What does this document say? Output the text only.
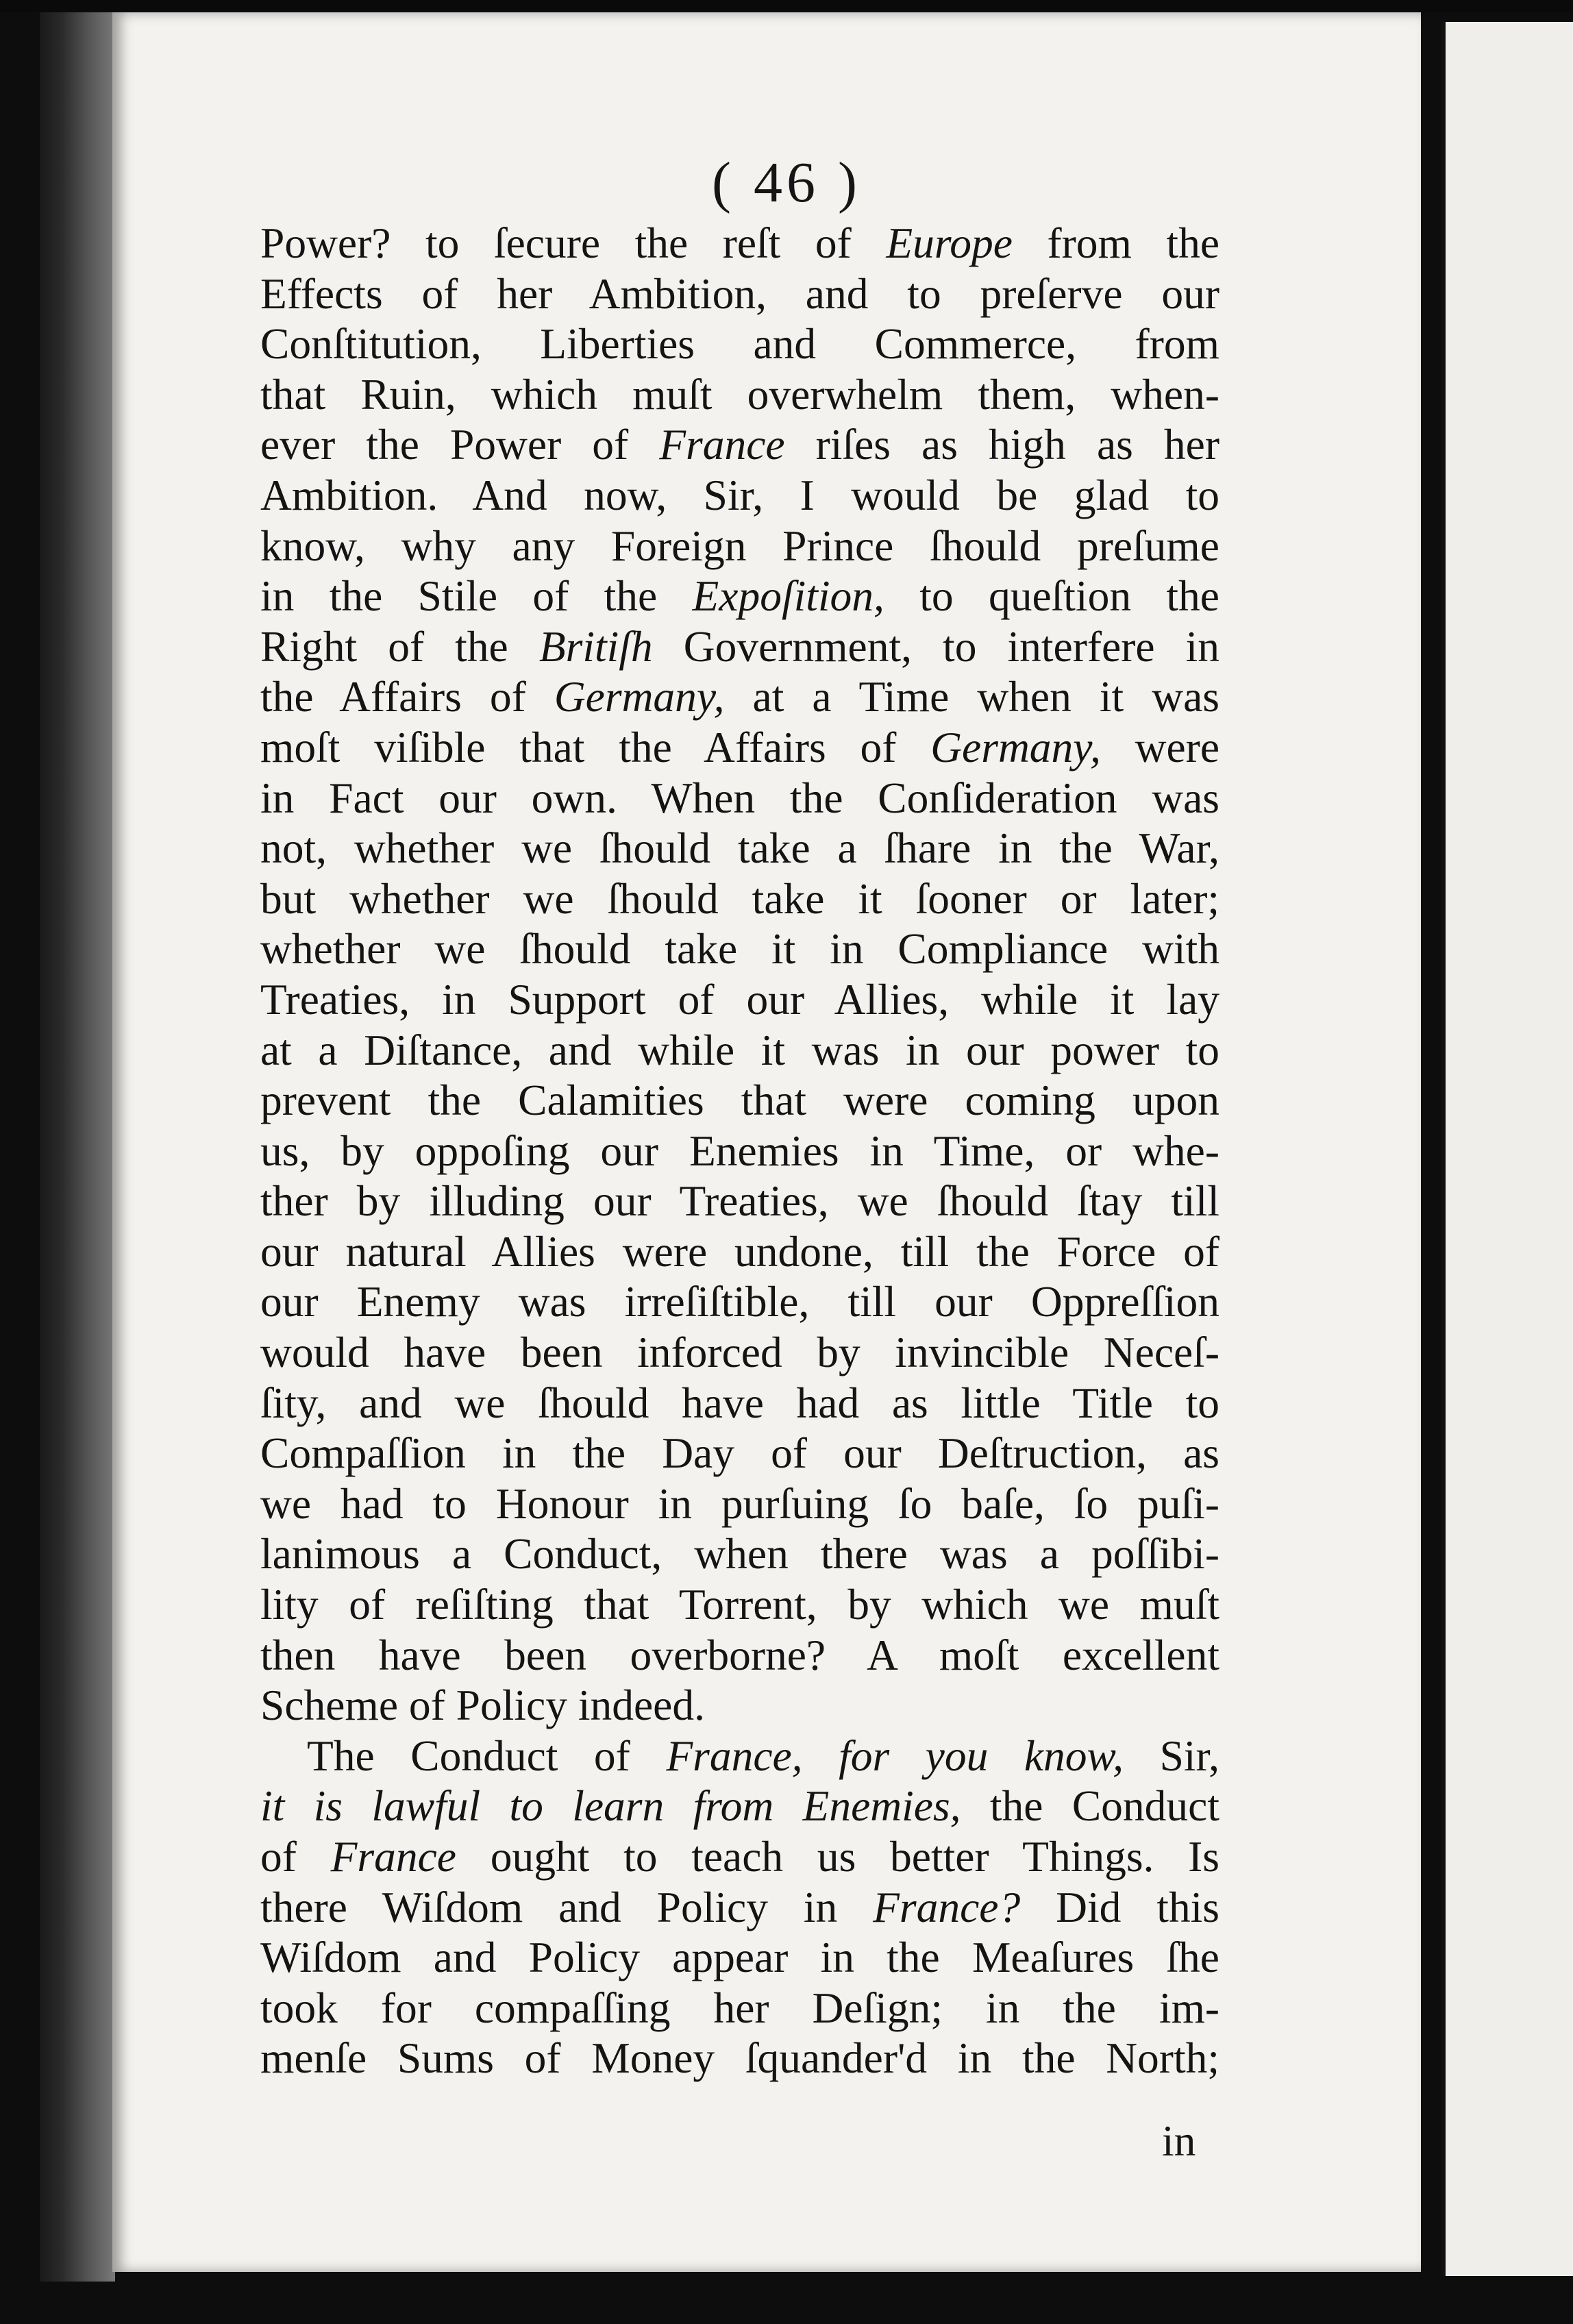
( 46 )
Power? to ſecure the reſt of Europe from the
Effects of her Ambition, and to preſerve our
Conſtitution, Liberties and Commerce, from
that Ruin, which muſt overwhelm them, when-
ever the Power of France riſes as high as her
Ambition. And now, Sir, I would be glad to
know, why any Foreign Prince ſhould preſume
in the Stile of the Expoſition, to queſtion the
Right of the Britiſh Government, to interfere in
the Affairs of Germany, at a Time when it was
moſt viſible that the Affairs of Germany, were
in Fact our own. When the Conſideration was
not, whether we ſhould take a ſhare in the War,
but whether we ſhould take it ſooner or later;
whether we ſhould take it in Compliance with
Treaties, in Support of our Allies, while it lay
at a Diſtance, and while it was in our power to
prevent the Calamities that were coming upon
us, by oppoſing our Enemies in Time, or whe-
ther by illuding our Treaties, we ſhould ſtay till
our natural Allies were undone, till the Force of
our Enemy was irreſiſtible, till our Oppreſſion
would have been inforced by invincible Neceſ-
ſity, and we ſhould have had as little Title to
Compaſſion in the Day of our Deſtruction, as
we had to Honour in purſuing ſo baſe, ſo puſi-
lanimous a Conduct, when there was a poſſibi-
lity of reſiſting that Torrent, by which we muſt
then have been overborne? A moſt excellent
Scheme of Policy indeed.
The Conduct of France, for you know, Sir,
it is lawful to learn from Enemies, the Conduct
of France ought to teach us better Things. Is
there Wiſdom and Policy in France? Did this
Wiſdom and Policy appear in the Meaſures ſhe
took for compaſſing her Deſign; in the im-
menſe Sums of Money ſquander'd in the North;
in
